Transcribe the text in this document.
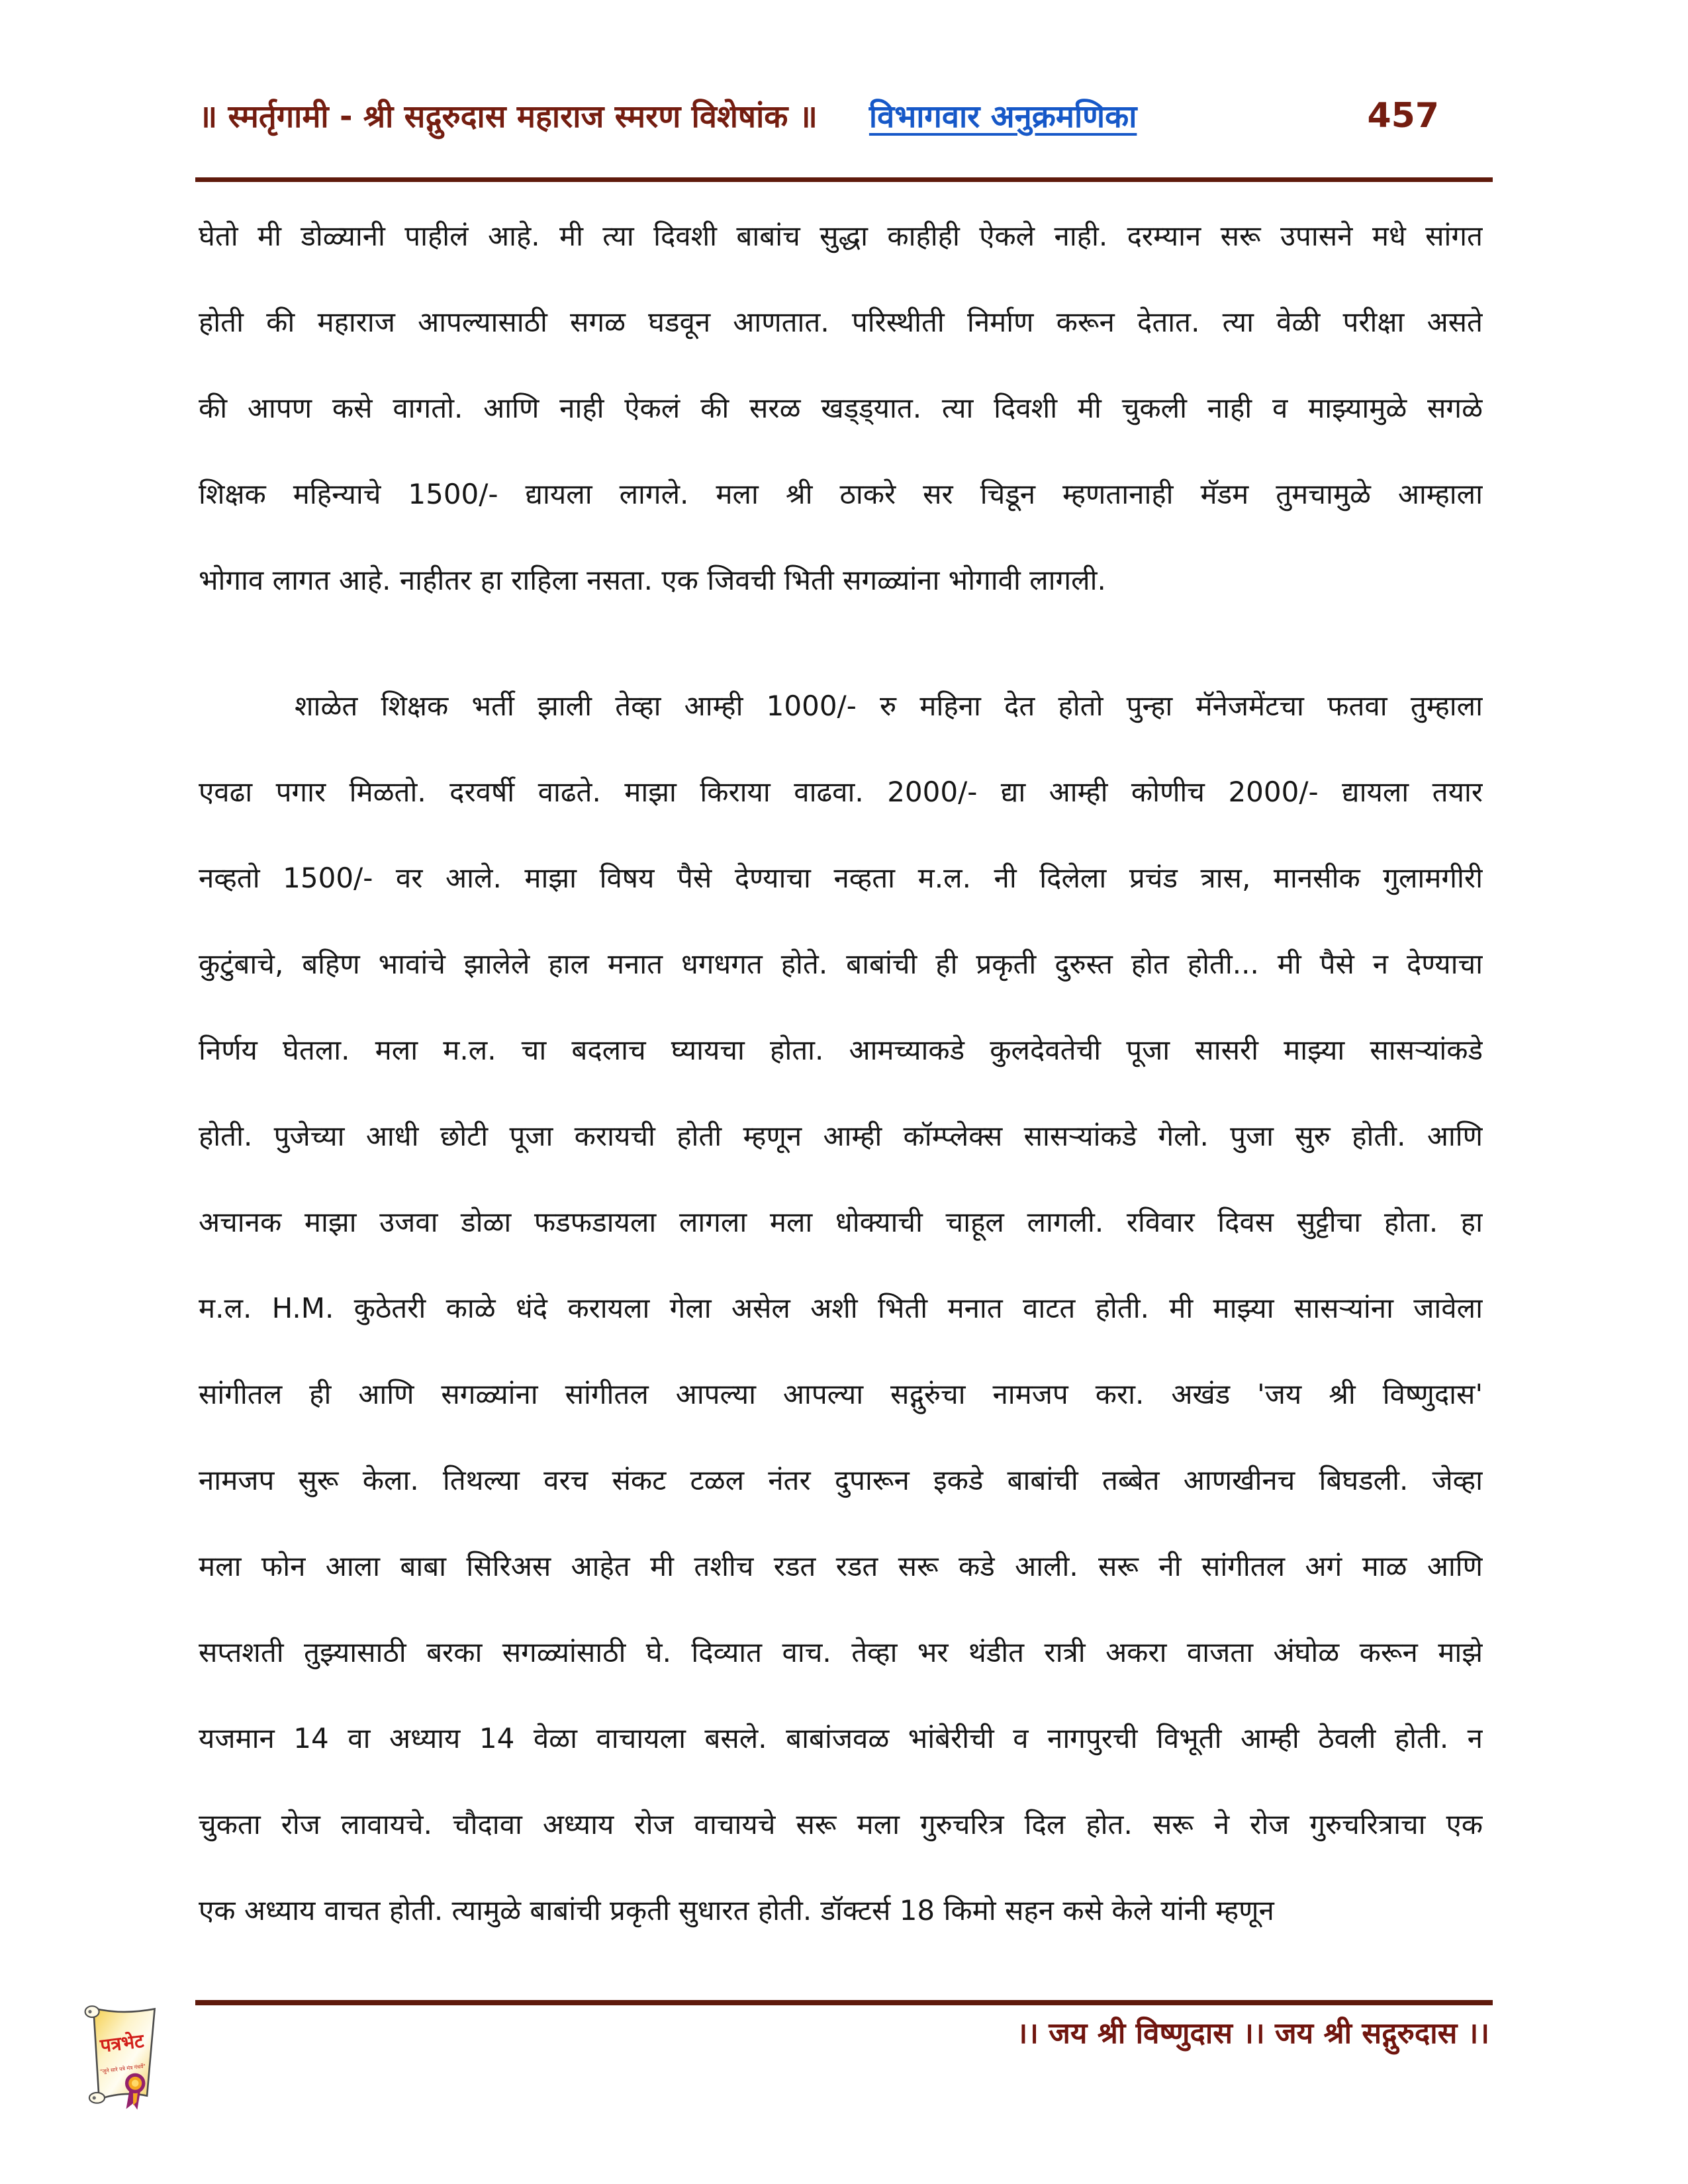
॥ स्मर्तृगामी - श्री सद्गुरुदास महाराज स्मरण विशेषांक ॥ विभागवार अनुक्रमणिका	457
घेतो मी डोळ्यानी पाहीलं आहे. मी त्या दिवशी बाबांच सुद्धा काहीही ऐकले नाही. दरम्यान सरू उपासने मधे सांगत
होती की महाराज आपल्यासाठी सगळ घडवून आणतात. परिस्थीती निर्माण करून देतात. त्या वेळी परीक्षा असते
की आपण कसे वागतो. आणि नाही ऐकलं की सरळ खड्ड्यात. त्या दिवशी मी चुकली नाही व माझ्यामुळे सगळे
शिक्षक महिन्याचे 1500/- द्यायला लागले. मला श्री ठाकरे सर चिडून म्हणतानाही मॅडम तुमचामुळे आम्हाला
भोगाव लागत आहे. नाहीतर हा राहिला नसता. एक जिवची भिती सगळ्यांना भोगावी लागली.
शाळेत शिक्षक भर्ती झाली तेव्हा आम्ही 1000/- रु महिना देत होतो पुन्हा मॅनेजमेंटचा फतवा तुम्हाला
एवढा पगार मिळतो. दरवर्षी वाढते. माझा किराया वाढवा. 2000/- द्या आम्ही कोणीच 2000/- द्यायला तयार
नव्हतो 1500/- वर आले. माझा विषय पैसे देण्याचा नव्हता म.ल. नी दिलेला प्रचंड त्रास, मानसीक गुलामगीरी
कुटुंबाचे, बहिण भावांचे झालेले हाल मनात धगधगत होते. बाबांची ही प्रकृती दुरुस्त होत होती... मी पैसे न देण्याचा
निर्णय घेतला. मला म.ल. चा बदलाच घ्यायचा होता. आमच्याकडे कुलदेवतेची पूजा सासरी माझ्या सासऱ्यांकडे
होती. पुजेच्या आधी छोटी पूजा करायची होती म्हणून आम्ही कॉम्प्लेक्स सासऱ्यांकडे गेलो. पुजा सुरु होती. आणि
अचानक माझा उजवा डोळा फडफडायला लागला मला धोक्याची चाहूल लागली. रविवार दिवस सुट्टीचा होता. हा
म.ल. H.M. कुठेतरी काळे धंदे करायला गेला असेल अशी भिती मनात वाटत होती. मी माझ्या सासऱ्यांना जावेला
सांगीतल ही आणि सगळ्यांना सांगीतल आपल्या आपल्या सद्गुरुंचा नामजप करा. अखंड 'जय श्री विष्णुदास'
नामजप सुरू केला. तिथल्या वरच संकट टळल नंतर दुपारून इकडे बाबांची तब्बेत आणखीनच बिघडली. जेव्हा
मला फोन आला बाबा सिरिअस आहेत मी तशीच रडत रडत सरू कडे आली. सरू नी सांगीतल अगं माळ आणि
सप्तशती तुझ्यासाठी बरका सगळ्यांसाठी घे. दिव्यात वाच. तेव्हा भर थंडीत रात्री अकरा वाजता अंघोळ करून माझे
यजमान 14 वा अध्याय 14 वेळा वाचायला बसले. बाबांजवळ भांबेरीची व नागपुरची विभूती आम्ही ठेवली होती. न
चुकता रोज लावायचे. चौदावा अध्याय रोज वाचायचे सरू मला गुरुचरित्र दिल होत. सरू ने रोज गुरुचरित्राचा एक
एक अध्याय वाचत होती. त्यामुळे बाबांची प्रकृती सुधारत होती. डॉक्टर्स 18 किमो सहन कसे केले यांनी म्हणून
।। जय श्री विष्णुदास ।। जय श्री सद्गुरुदास ।।
पत्रभेट
"जुने सारे पत्रे मंत्र गंधर्वे"
